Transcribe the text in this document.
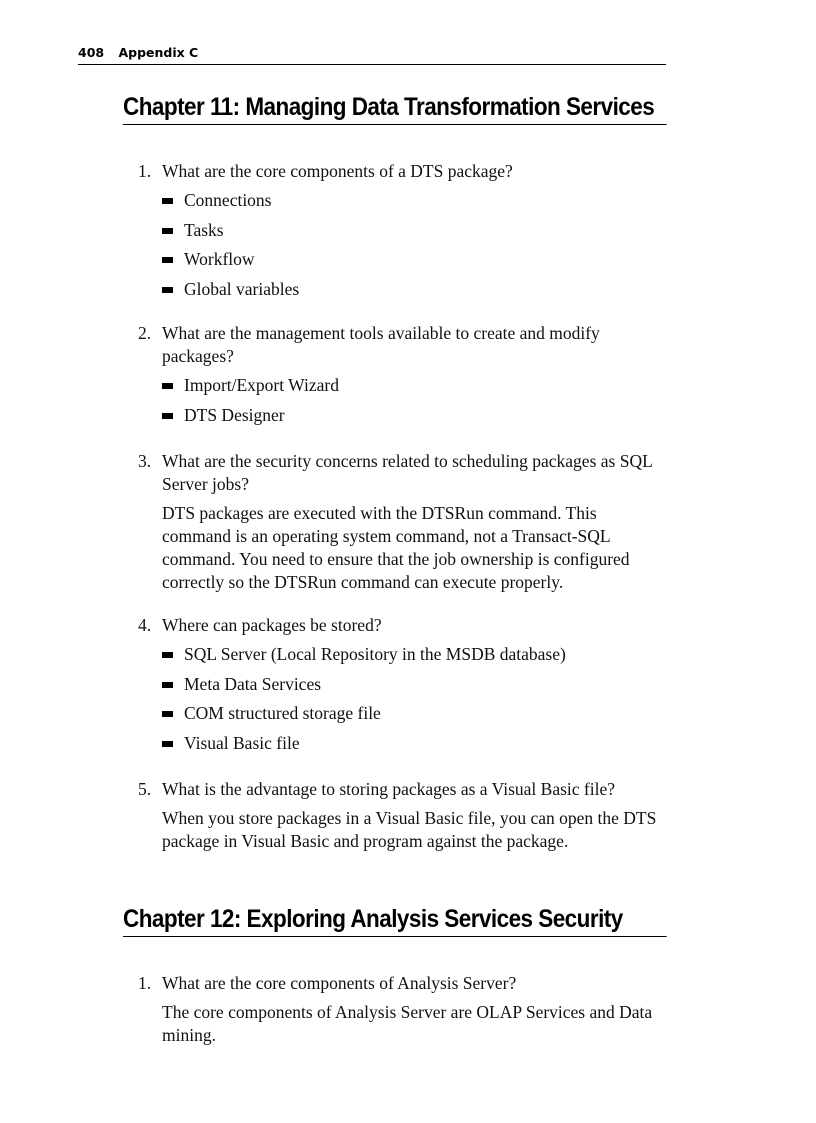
408 Appendix C
Chapter 11: Managing Data Transformation Services
1. What are the core components of a DTS package?
Connections
Tasks
Workflow
Global variables
2. What are the management tools available to create and modify packages?
Import/Export Wizard
DTS Designer
3. What are the security concerns related to scheduling packages as SQL Server jobs?
DTS packages are executed with the DTSRun command. This command is an operating system command, not a Transact-SQL command. You need to ensure that the job ownership is configured correctly so the DTSRun command can execute properly.
4. Where can packages be stored?
SQL Server (Local Repository in the MSDB database)
Meta Data Services
COM structured storage file
Visual Basic file
5. What is the advantage to storing packages as a Visual Basic file?
When you store packages in a Visual Basic file, you can open the DTS package in Visual Basic and program against the package.
Chapter 12: Exploring Analysis Services Security
1. What are the core components of Analysis Server?
The core components of Analysis Server are OLAP Services and Data mining.
